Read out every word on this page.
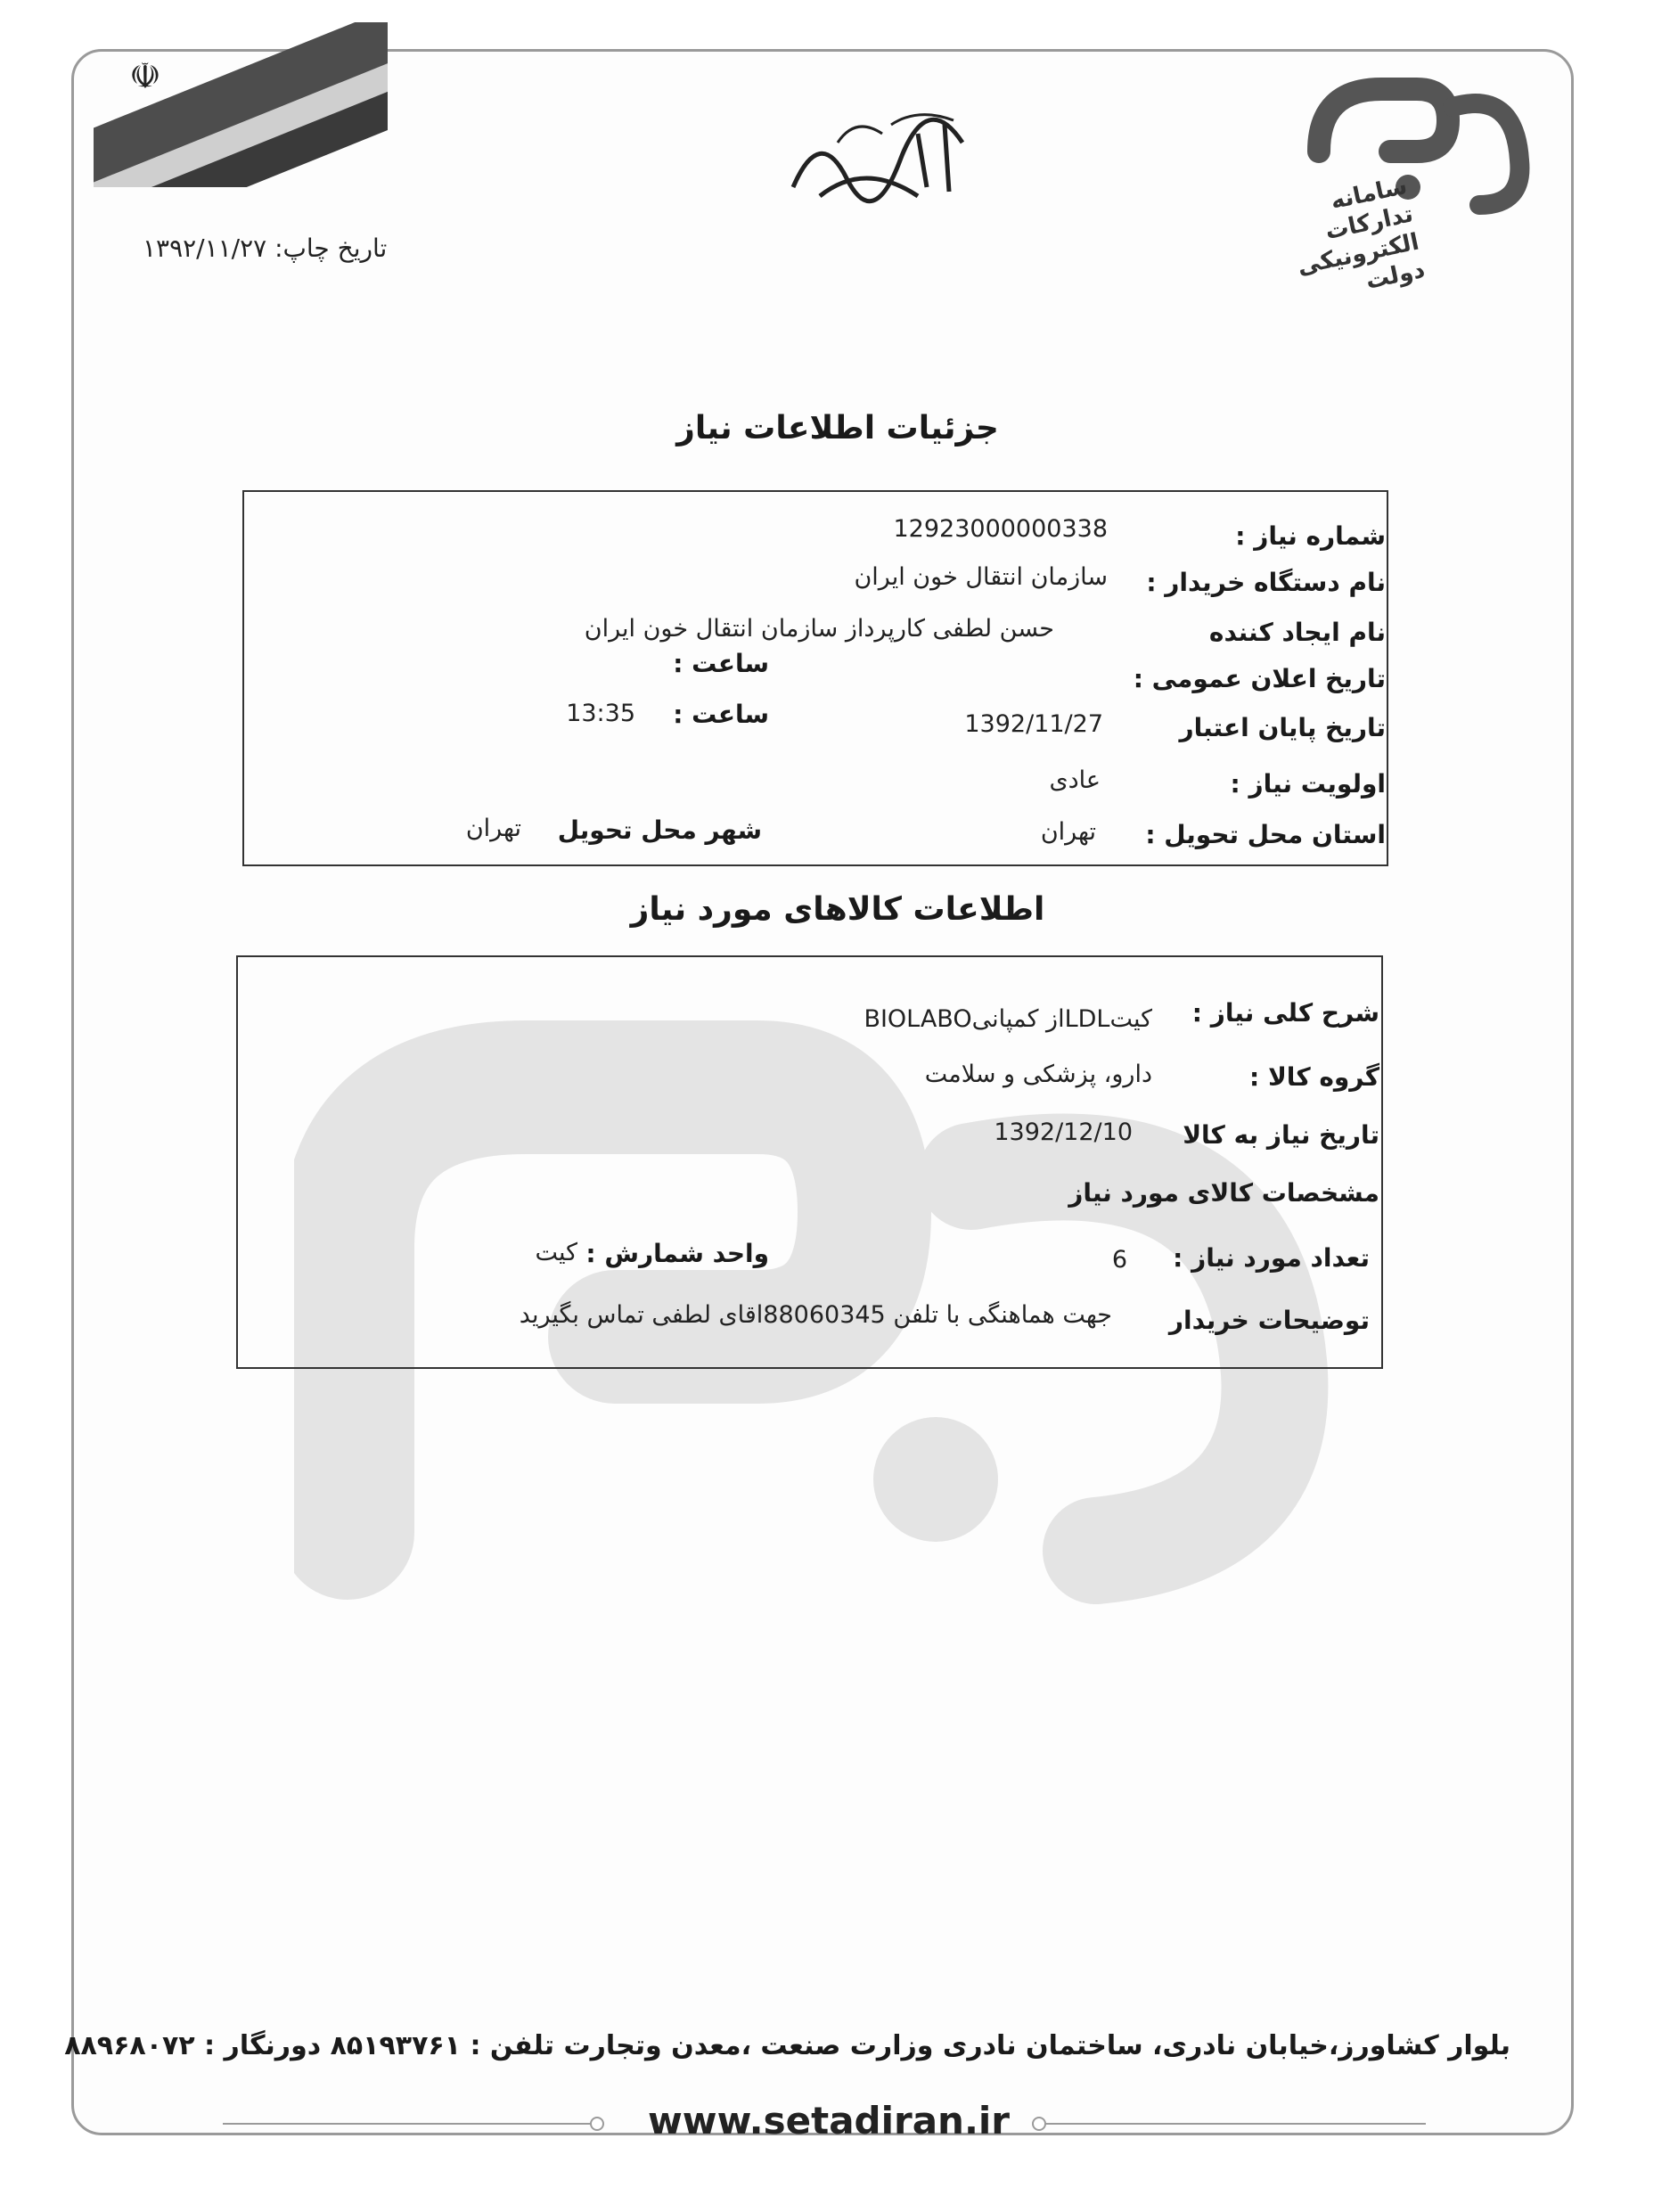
☫
سامانه تدارکات الکترونیکی دولت
تاریخ چاپ: ۱۳۹۲/۱۱/۲۷
جزئیات اطلاعات نیاز
شماره نیاز :
12923000000338
نام دستگاه خریدار :
سازمان انتقال خون ایران
نام ایجاد کننده
حسن لطفی کارپرداز سازمان انتقال خون ایران
تاریخ اعلان عمومی :
ساعت :
تاریخ پایان اعتبار
1392/11/27
ساعت :
13:35
اولویت نیاز :
عادی
استان محل تحویل :
تهران
شهر محل تحویل
تهران
اطلاعات کالاهای مورد نیاز
شرح کلی نیاز :
کیتLDLاز کمپانیBIOLABO
گروه کالا :
دارو، پزشکی و سلامت
تاریخ نیاز به کالا
1392/12/10
مشخصات کالای مورد نیاز
تعداد مورد نیاز :
6
واحد شمارش :
کیت
توضیحات خریدار
جهت هماهنگی با تلفن 88060345اقای لطفی تماس بگیرید
بلوار کشاورز،خیابان نادری، ساختمان نادری وزارت صنعت ،معدن وتجارت تلفن : ۸۵۱۹۳۷۶۱ دورنگار : ۸۸۹۶۸۰۷۲
www.setadiran.ir
